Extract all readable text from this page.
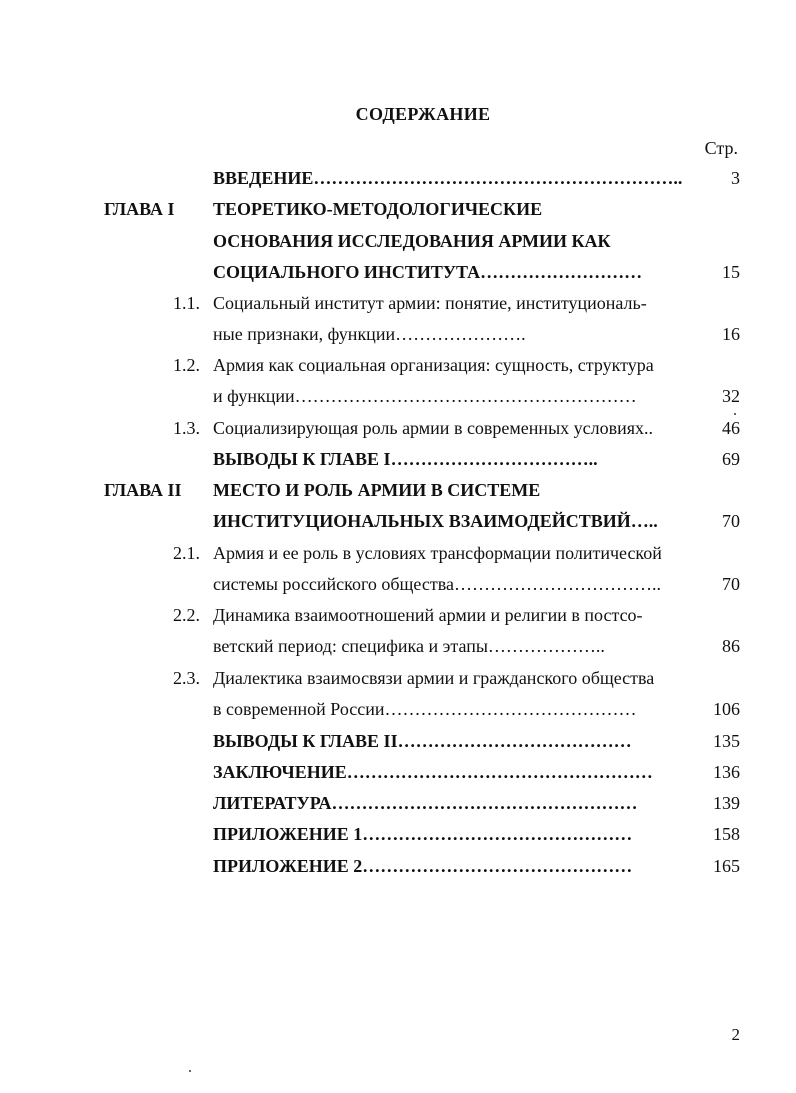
СОДЕРЖАНИЕ
Стр.
ВВЕДЕНИЕ……………………………………………………..	3
ГЛАВА I	ТЕОРЕТИКО-МЕТОДОЛОГИЧЕСКИЕ
ОСНОВАНИЯ ИССЛЕДОВАНИЯ АРМИИ КАК
СОЦИАЛЬНОГО ИНСТИТУТА………………………	15
1.1. Социальный институт армии: понятие, институциональ-
ные признаки, функции………………….	16
1.2. Армия как социальная организация: сущность, структура
и функции…………………………………………………	32
1.3. Социализирующая роль армии в современных условиях..	46
ВЫВОДЫ К ГЛАВЕ I……………………………..	69
ГЛАВА II	МЕСТО И РОЛЬ АРМИИ В СИСТЕМЕ
ИНСТИТУЦИОНАЛЬНЫХ ВЗАИМОДЕЙСТВИЙ…..	70
2.1. Армия и ее роль в условиях трансформации политической
системы российского общества……………………………..	70
2.2. Динамика взаимоотношений армии и религии в постсо-
ветский период: специфика и этапы………………..	86
2.3. Диалектика взаимосвязи армии и гражданского общества
в современной России……………………………………	106
ВЫВОДЫ К ГЛАВЕ II…………………………………	135
ЗАКЛЮЧЕНИЕ……………………………………………	136
ЛИТЕРАТУРА……………………………………………	139
ПРИЛОЖЕНИЕ 1………………………………………	158
ПРИЛОЖЕНИЕ 2………………………………………	165
2
